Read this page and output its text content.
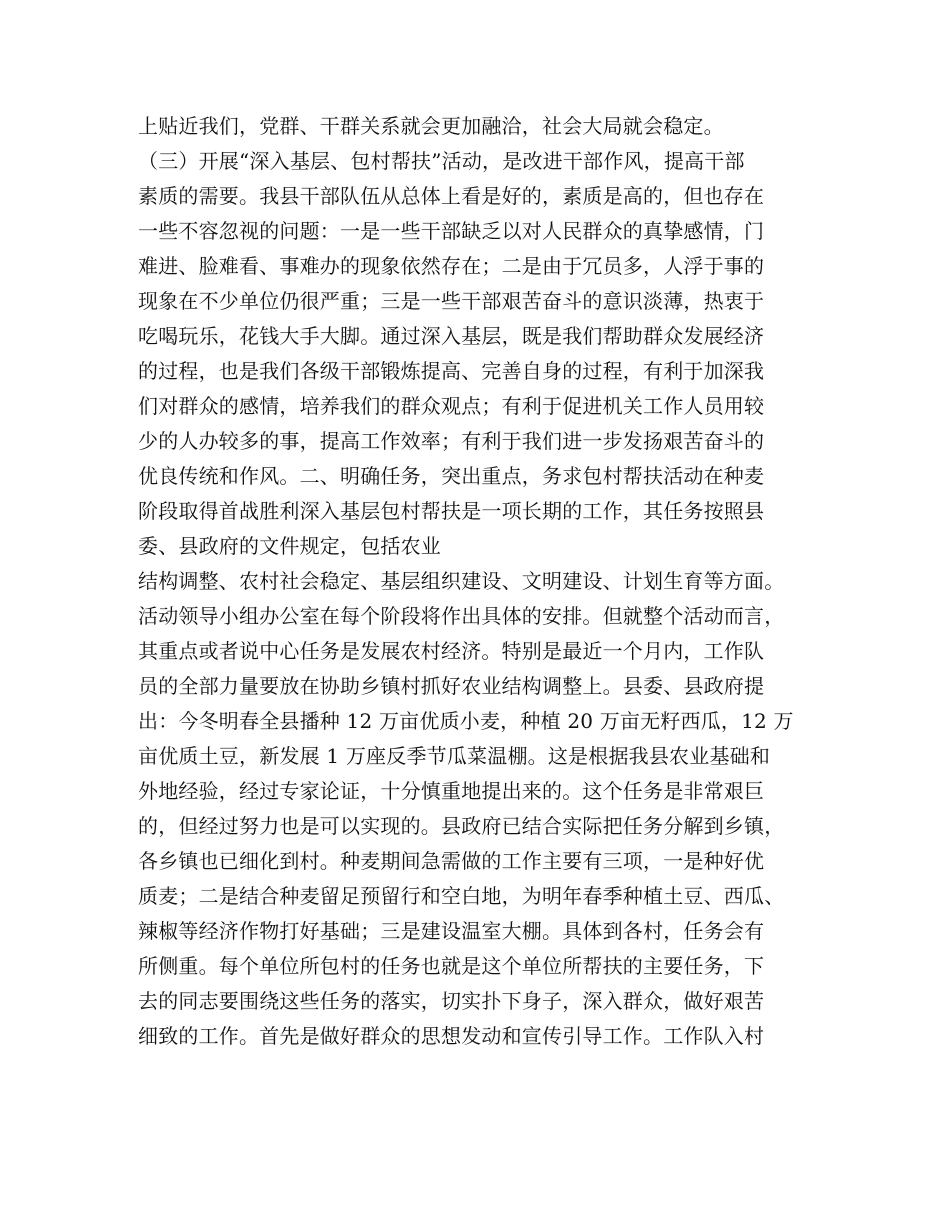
上贴近我们，党群、干群关系就会更加融洽，社会大局就会稳定。
（三）开展“深入基层、包村帮扶”活动，是改进干部作风，提高干部
素质的需要。我县干部队伍从总体上看是好的，素质是高的，但也存在
一些不容忽视的问题：一是一些干部缺乏以对人民群众的真挚感情，门
难进、脸难看、事难办的现象依然存在；二是由于冗员多，人浮于事的
现象在不少单位仍很严重；三是一些干部艰苦奋斗的意识淡薄，热衷于
吃喝玩乐，花钱大手大脚。通过深入基层，既是我们帮助群众发展经济
的过程，也是我们各级干部锻炼提高、完善自身的过程，有利于加深我
们对群众的感情，培养我们的群众观点；有利于促进机关工作人员用较
少的人办较多的事，提高工作效率；有利于我们进一步发扬艰苦奋斗的
优良传统和作风。二、明确任务，突出重点，务求包村帮扶活动在种麦
阶段取得首战胜利深入基层包村帮扶是一项长期的工作，其任务按照县
委、县政府的文件规定，包括农业
结构调整、农村社会稳定、基层组织建设、文明建设、计划生育等方面。
活动领导小组办公室在每个阶段将作出具体的安排。但就整个活动而言，
其重点或者说中心任务是发展农村经济。特别是最近一个月内，工作队
员的全部力量要放在协助乡镇村抓好农业结构调整上。县委、县政府提
出：今冬明春全县播种 12 万亩优质小麦，种植 20 万亩无籽西瓜，12 万
亩优质土豆，新发展 1 万座反季节瓜菜温棚。这是根据我县农业基础和
外地经验，经过专家论证，十分慎重地提出来的。这个任务是非常艰巨
的，但经过努力也是可以实现的。县政府已结合实际把任务分解到乡镇，
各乡镇也已细化到村。种麦期间急需做的工作主要有三项，一是种好优
质麦；二是结合种麦留足预留行和空白地，为明年春季种植土豆、西瓜、
辣椒等经济作物打好基础；三是建设温室大棚。具体到各村，任务会有
所侧重。每个单位所包村的任务也就是这个单位所帮扶的主要任务，下
去的同志要围绕这些任务的落实，切实扑下身子，深入群众，做好艰苦
细致的工作。首先是做好群众的思想发动和宣传引导工作。工作队入村
